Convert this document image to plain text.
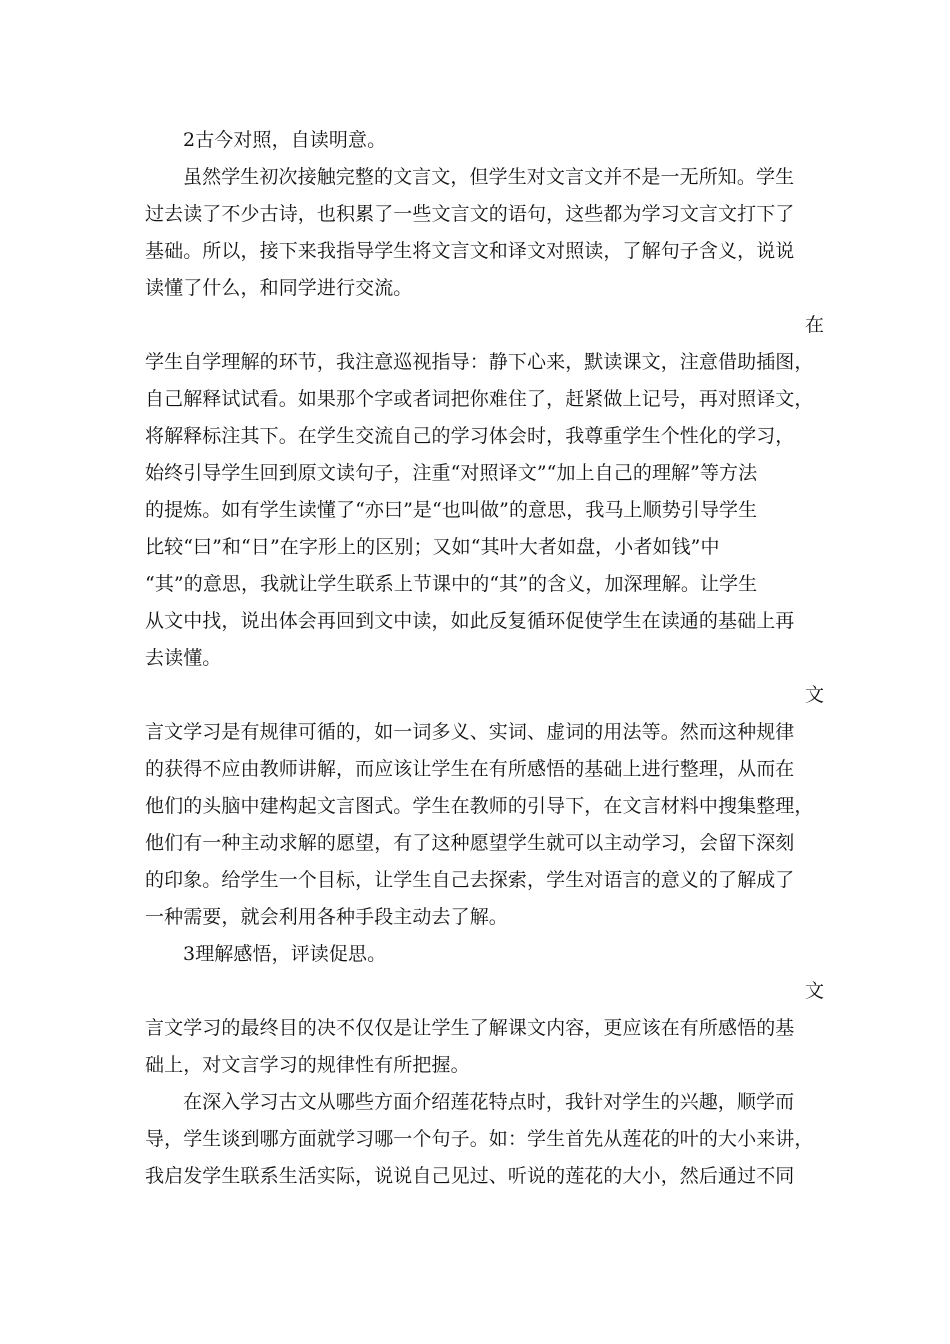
2古今对照，自读明意。
虽然学生初次接触完整的文言文，但学生对文言文并不是一无所知。学生
过去读了不少古诗，也积累了一些文言文的语句，这些都为学习文言文打下了
基础。所以，接下来我指导学生将文言文和译文对照读，了解句子含义，说说
读懂了什么，和同学进行交流。
在
学生自学理解的环节，我注意巡视指导：静下心来，默读课文，注意借助插图，
自己解释试试看。如果那个字或者词把你难住了，赶紧做上记号，再对照译文，
将解释标注其下。在学生交流自己的学习体会时，我尊重学生个性化的学习，
始终引导学生回到原文读句子，注重“对照译文”“加上自己的理解”等方法
的提炼。如有学生读懂了“亦曰”是“也叫做”的意思，我马上顺势引导学生
比较“曰”和“日”在字形上的区别；又如“其叶大者如盘，小者如钱”中
“其”的意思，我就让学生联系上节课中的“其”的含义，加深理解。让学生
从文中找，说出体会再回到文中读，如此反复循环促使学生在读通的基础上再
去读懂。
文
言文学习是有规律可循的，如一词多义、实词、虚词的用法等。然而这种规律
的获得不应由教师讲解，而应该让学生在有所感悟的基础上进行整理，从而在
他们的头脑中建构起文言图式。学生在教师的引导下，在文言材料中搜集整理，
他们有一种主动求解的愿望，有了这种愿望学生就可以主动学习，会留下深刻
的印象。给学生一个目标，让学生自己去探索，学生对语言的意义的了解成了
一种需要，就会利用各种手段主动去了解。
3理解感悟，评读促思。
文
言文学习的最终目的决不仅仅是让学生了解课文内容，更应该在有所感悟的基
础上，对文言学习的规律性有所把握。
在深入学习古文从哪些方面介绍莲花特点时，我针对学生的兴趣，顺学而
导，学生谈到哪方面就学习哪一个句子。如：学生首先从莲花的叶的大小来讲，
我启发学生联系生活实际，说说自己见过、听说的莲花的大小，然后通过不同
